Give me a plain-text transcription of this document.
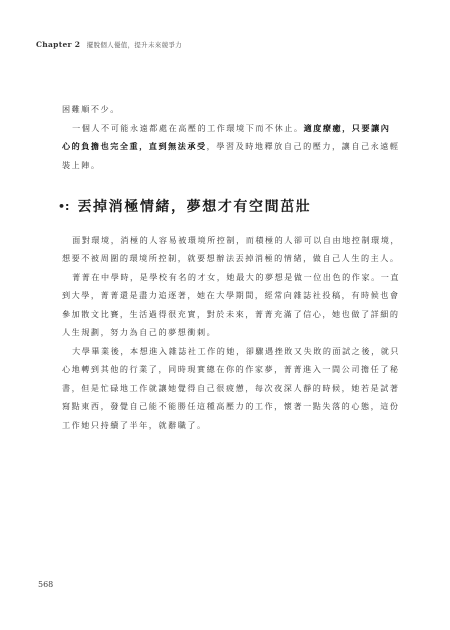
Chapter 2 擺脫個人優值，提升未來競爭力

困難順不少。

一個人不可能永遠都處在高壓的工作環境下而不休止。適度療癒，只要讓內心的負擔也完全重，直到無法承受，學習及時地釋放自己的壓力，讓自己永遠輕裝上陣。

•: 丟掉消極情緒，夢想才有空間茁壯

面對環境，消極的人容易被環境所控制，而積極的人卻可以自由地控制環境，想要不被周圍的環境所控制，就要想辦法丟掉消極的情緒，做自己人生的主人。

菁菁在中學時，是學校有名的才女，她最大的夢想是做一位出色的作家。一直到大學，菁菁還是盡力追逐著，她在大學期間，經常向雜誌社投稿，有時候也會參加散文比賽，生活過得很充實，對於未來，菁菁充滿了信心，她也做了詳細的人生規劃，努力為自己的夢想衝刺。

大學畢業後，本想進入雜誌社工作的她，卻驟遇挫敗又失敗的面試之後，就只心地轉到其他的行業了，同時現實總在你的作家夢，菁菁進入一間公司擔任了秘書，但是忙碌地工作就讓她覺得自己很疲憊，每次夜深人靜的時候，她若是試著寫點東西，發覺自己能不能勝任這種高壓力的工作，懷著一點失落的心態，這份工作她只持續了半年，就辭職了。

568
